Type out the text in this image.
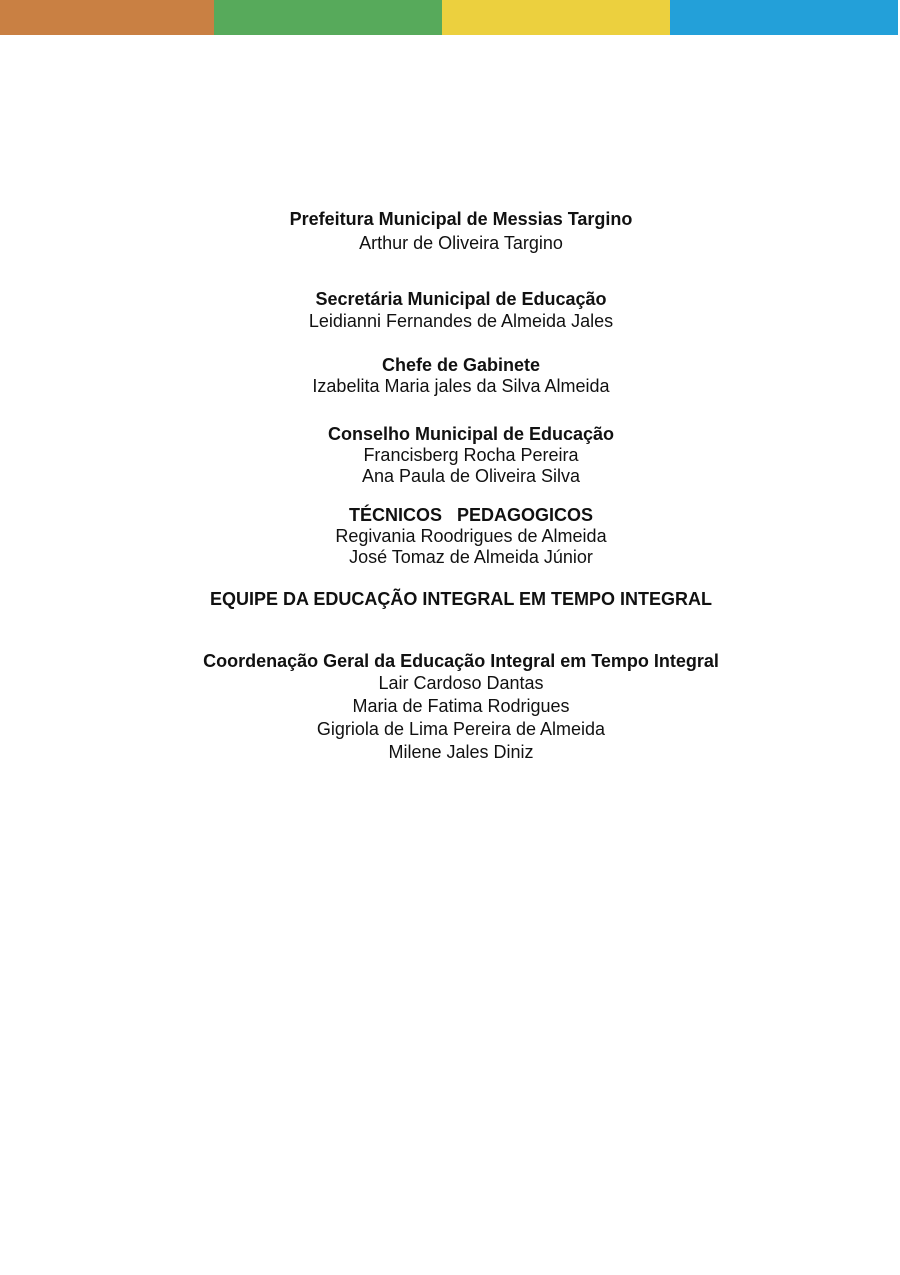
Prefeitura Municipal de Messias Targino
Arthur de Oliveira Targino
Secretária Municipal de Educação
Leidianni Fernandes de Almeida Jales
Chefe de Gabinete
Izabelita Maria jales da Silva Almeida
Conselho Municipal de Educação
Francisberg Rocha Pereira
Ana Paula de Oliveira Silva
TÉCNICOS   PEDAGOGICOS
Regivania Roodrigues de Almeida
José Tomaz de Almeida Júnior
EQUIPE DA EDUCAÇÃO INTEGRAL EM TEMPO INTEGRAL
Coordenação Geral da Educação Integral em Tempo Integral
Lair Cardoso Dantas
Maria de Fatima Rodrigues
Gigriola de Lima Pereira de Almeida
Milene Jales Diniz
